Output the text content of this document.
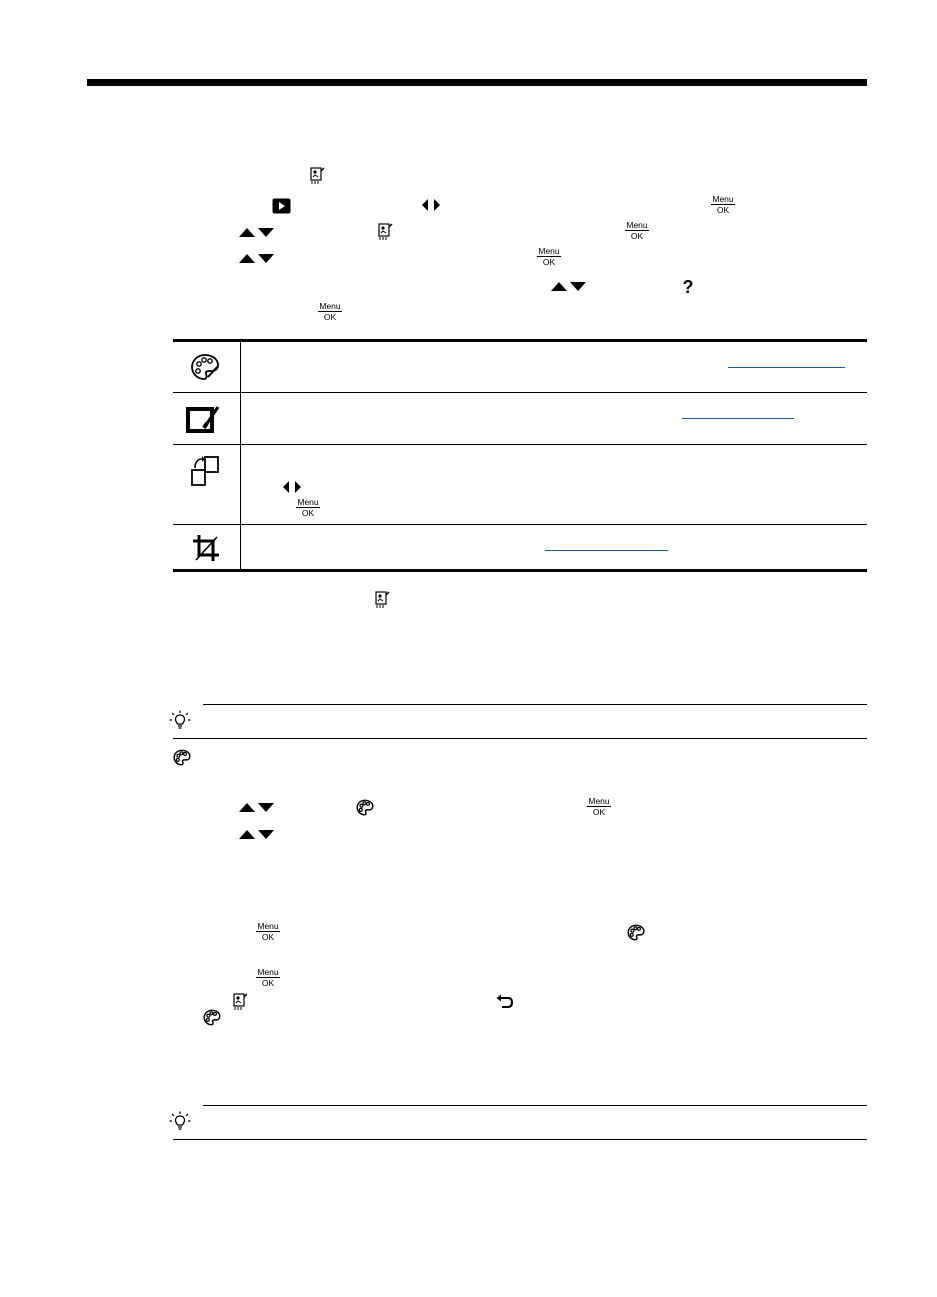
Menu
OK
Menu
OK
Menu
OK
?
Menu
OK
Menu
OK
Menu
OK
Menu
OK
Menu
OK
